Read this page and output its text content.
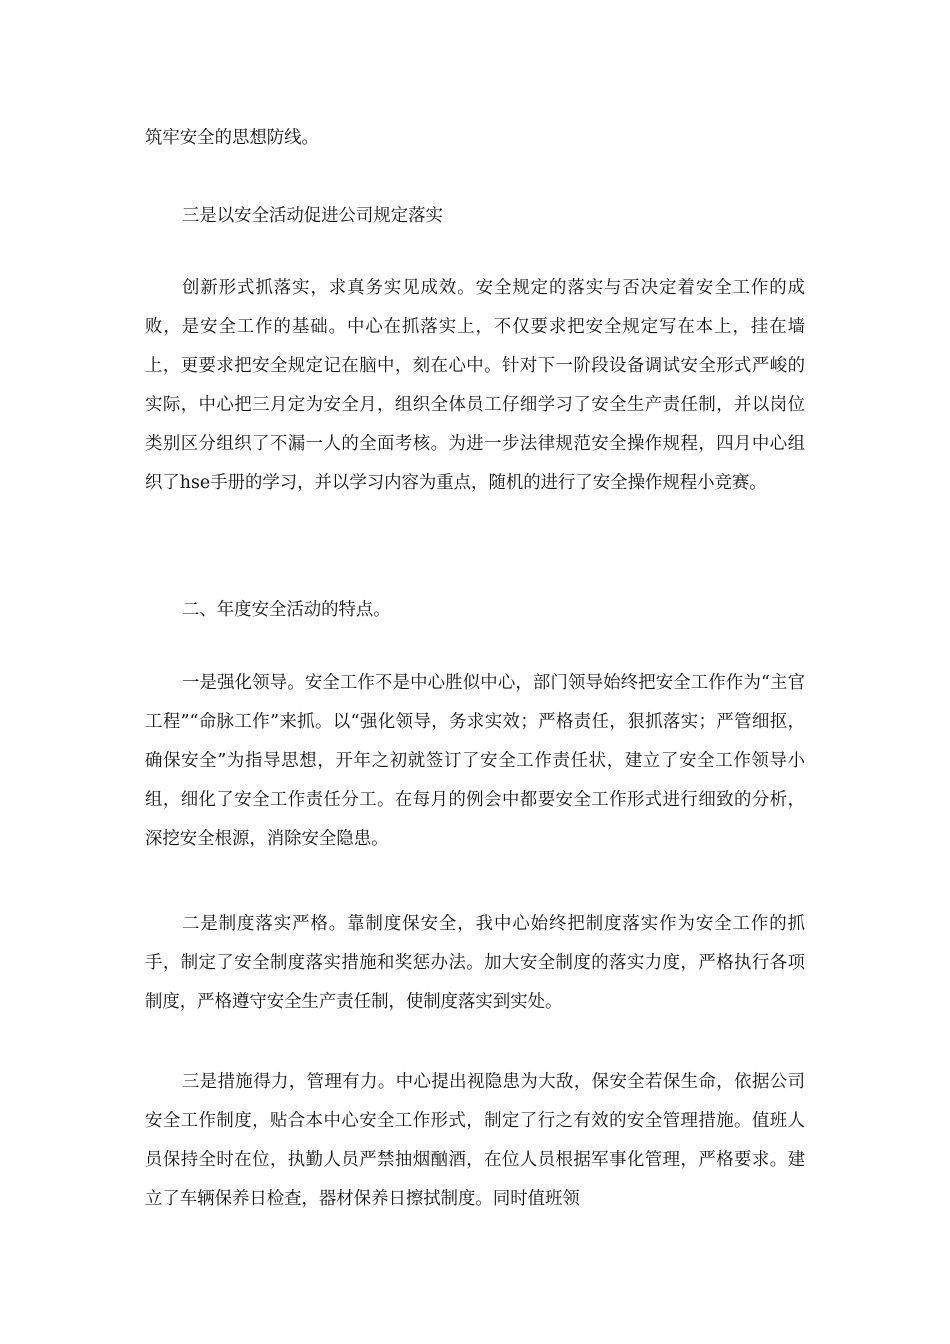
筑牢安全的思想防线。

三是以安全活动促进公司规定落实

创新形式抓落实，求真务实见成效。安全规定的落实与否决定着安全工作的成败，是安全工作的基础。中心在抓落实上，不仅要求把安全规定写在本上，挂在墙上，更要求把安全规定记在脑中，刻在心中。针对下一阶段设备调试安全形式严峻的实际，中心把三月定为安全月，组织全体员工仔细学习了安全生产责任制，并以岗位类别区分组织了不漏一人的全面考核。为进一步法律规范安全操作规程，四月中心组织了hse手册的学习，并以学习内容为重点，随机的进行了安全操作规程小竞赛。

二、年度安全活动的特点。

一是强化领导。安全工作不是中心胜似中心，部门领导始终把安全工作作为“主官工程”“命脉工作”来抓。以“强化领导，务求实效；严格责任，狠抓落实；严管细抠，确保安全”为指导思想，开年之初就签订了安全工作责任状，建立了安全工作领导小组，细化了安全工作责任分工。在每月的例会中都要安全工作形式进行细致的分析，深挖安全根源，消除安全隐患。

二是制度落实严格。靠制度保安全，我中心始终把制度落实作为安全工作的抓手，制定了安全制度落实措施和奖惩办法。加大安全制度的落实力度，严格执行各项制度，严格遵守安全生产责任制，使制度落实到实处。

三是措施得力，管理有力。中心提出视隐患为大敌，保安全若保生命，依据公司安全工作制度，贴合本中心安全工作形式，制定了行之有效的安全管理措施。值班人员保持全时在位，执勤人员严禁抽烟酗酒，在位人员根据军事化管理，严格要求。建立了车辆保养日检查，器材保养日擦拭制度。同时值班领
